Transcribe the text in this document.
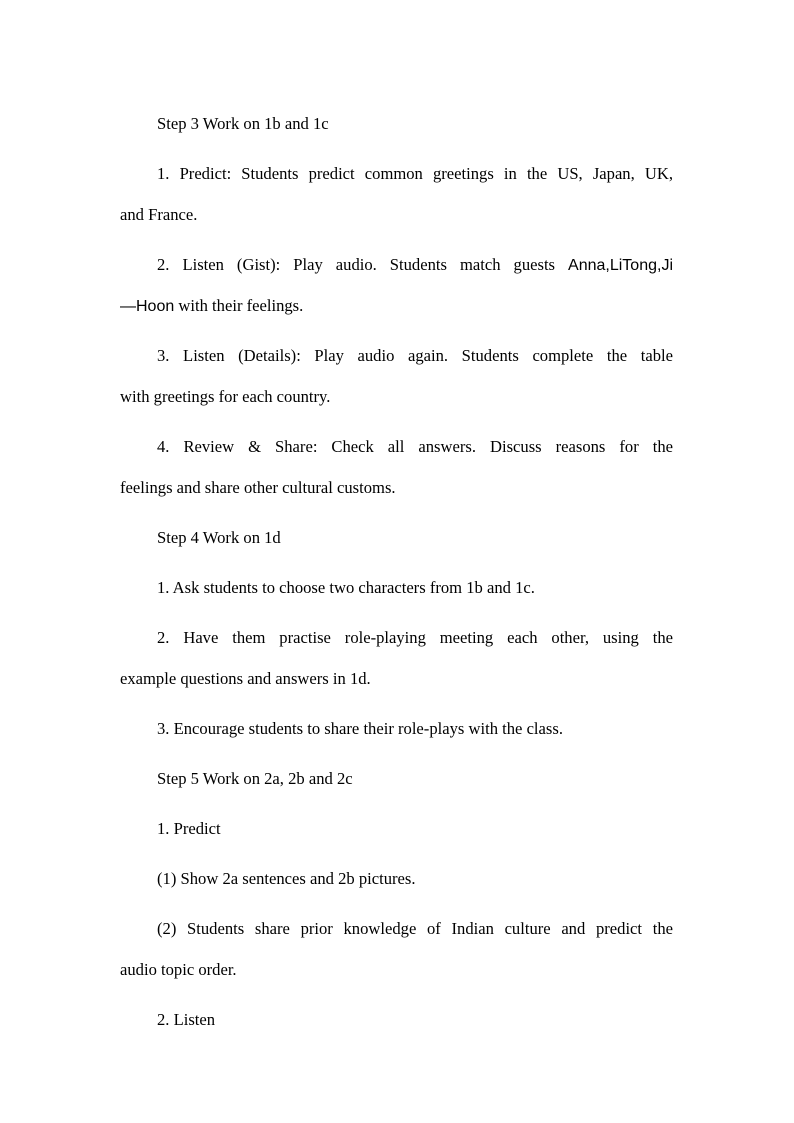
Step 3 Work on 1b and 1c

1. Predict: Students predict common greetings in the US, Japan, UK,

and France.

2. Listen (Gist): Play audio. Students match guests Anna,LiTong,Ji

—Hoon with their feelings.

3. Listen (Details): Play audio again. Students complete the table

with greetings for each country.

4. Review & Share: Check all answers. Discuss reasons for the

feelings and share other cultural customs.

Step 4 Work on 1d

1. Ask students to choose two characters from 1b and 1c.

2. Have them practise role-playing meeting each other, using the

example questions and answers in 1d.

3. Encourage students to share their role-plays with the class.

Step 5 Work on 2a, 2b and 2c

1. Predict

(1) Show 2a sentences and 2b pictures.

(2) Students share prior knowledge of Indian culture and predict the

audio topic order.

2. Listen
